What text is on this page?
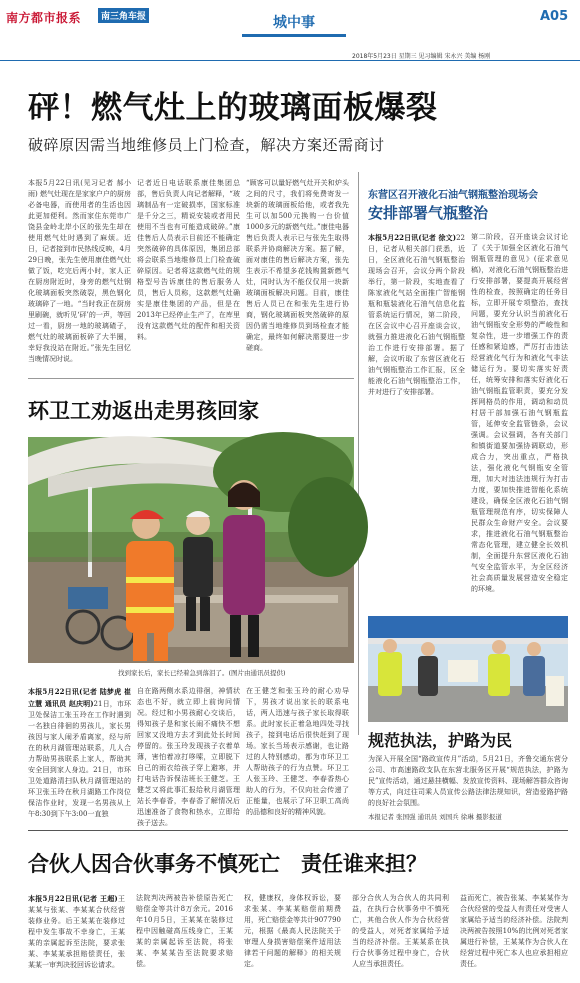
南方都市报系	南三角车报	城中事	A05
2018年5月23日 星期三 见习编辑 宋永兴 美编 杨刚
砰！燃气灶上的玻璃面板爆裂
破碎原因需当地维修员上门检查，解决方案还需商讨
本报5月22日讯(见习记者 郝小雨) 燃气灶现在是家家户户的厨房必备电器，而使用者的生活也因此更加便利。然而家住东莞市广饶县金岭北岸小区的张先生却在使用燃气灶时遇到了麻烦。近日，记者接到市民热线反映，4月29日晚，张先生使用康佳燃气灶做了饭，吃完后两小时，家人正在厨房附近时，身旁的燃气灶钢化玻璃面板突然破裂，黑色钢化玻璃碎了一地。“当时我正在厨房里刷碗，就听见‘砰’的一声，等回过一看，厨房一地的玻璃碴子，燃气灶的玻璃面板碎了大半圈，幸好我没站在附近。”张先生回忆当晚情况时说。
记者近日电话联系康佳集团总部，售后负责人向记者解释，“玻璃制品有一定破损率，国家标准是千分之三，精说安装或者用民使用不当也有可能造成破碎。”康佳售后人员表示目前还不能确定突然破碎的具体原因，集团总部将会联系当地维修员上门检查破碎原因。记者将这款燃气灶的规格型号告诉康佳的售后服务人员，售后人员称，这款燃气灶确实是康佳集团的产品，但是在2013年已经停止生产了，在库里没有这款燃气灶的配件和相关资料。
“顾客可以量好燃气灶开关和炉头之间的尺寸，我们将免费寄发一块新的玻璃面板给他，或者我先生可以加500元换购一台价值1000多元的新燃气灶。”康佳电器售后负责人表示已与张先生取得联系并协商解决方案。据了解，面对康佳的售后解决方案，张先生表示不希望多花钱购置新燃气灶，同时认为不能仅仅用一块新玻璃面板解决问题。目前，康佳售后人员已在和张先生进行协商，钢化玻璃面板突然破碎的原因仍需当地维修员到场检查才能确定，最终如何解决需要进一步磋商。
环卫工劝返出走男孩回家
找到家长后，家长已经着急到落泪了。(图片由通讯员提供)
本报5月22日讯(记者 陆梦虎 崔立慧 通讯员 赵庆明)21日，市环卫处保洁工张玉玲在工作时遇到一名独自徘徊的男孩儿，家长男孩因与家人闹矛盾离家，经与所在的秋月湖管理站联系，几人合力帮助男孩联系上家人，帮助其安全回到家人身边。21日，市环卫处道路清扫队秋月湖管理站的环卫张玉玲在秋月湖路工作岗位保洁作业时，发现一名男孩从上午8:30到下午3:00一直独
自在路两侧水系边徘徊，神情状态也不好，就立即上前询问情况。经过和小男孩耐心交谈后，得知孩子是和家长闹不痛快不想回家又没地方去才到此处长时间停留的。张玉玲发现孩子衣着单薄，害怕着凉打哆嗦，立即脱下自己的雨衣给孩子穿上避寒，并打电话告诉保洁班长王健芝。王健芝又将此事汇报给秋月湖管理站长李春香，李春香了解情况后迅速准备了食物和热水，立即给孩子送去。
在王健芝和张玉玲的耐心劝导下，男孩才说出家长的联系电话，两人迅速与孩子家长取得联系。此时家长正着急地四处寻找孩子，接到电话后很快赶到了现场。家长当场表示感谢，也让路过的人特别感动，都为市环卫工人帮助孩子的行为点赞。环卫工人张玉玲、王健芝、李春香热心助人的行为，不仅向社会传递了正能量，也展示了环卫职工高尚的品德和良好的精神风貌。
东营区召开液化石油气钢瓶整治现场会
安排部署气瓶整治
本报5月22日讯(记者 徐文)22日，记者从相关部门获悉，近日，全区液化石油气钢瓶整治现场会召开，会议分两个阶段举行，第一阶段，实地查看了陈家液化气站全面推广智能钢瓶和瓶装液化石油气信息化监管系统运行情况，第二阶段，在区会议中心召开座谈会议，就强力推进液化石油气钢瓶整治工作进行安排部署。据了解，会议听取了东营区液化石油气钢瓶整治工作汇报，区全能液化石油气钢瓶整治工作，并对进行了安排部署。
第二阶段，召开座谈会议讨论了《关于加强全区液化石油气钢瓶管理的意见》(征求意见稿)，对液化石油气钢瓶整治进行安排部署，要提高开展经营性的检查，按照确定的任务目标，立即开展专项整治，查找问题，要充分认识当前液化石油气钢瓶安全形势的严峻性和复杂性，进一步增强工作的责任感和紧迫感，严厉打击违法经营液化气行为和液化气非法储运行为。要切实落实好责任，统筹安排和落实好液化石油气钢瓶监管职责，要充分发挥网格员的作用，调动和动员村居干部加强石油气钢瓶监管，延伸安全监管链条，会议强调。会议强调，各有关部门和镇街道要加强协调联动，形成合力，突出重点，严格执法，强化液化气钢瓶安全管理，加大对违法违规行为打击力度，要加快推进智能化系统建设，确保全区液化石油气钢瓶管理规范有序，切实保障人民群众生命财产安全。会议要求，推进液化石油气钢瓶整治常态化管理，建立健全长效机制，全面提升东营区液化石油气安全监管水平，为全区经济社会高质量发展营造安全稳定的环境。
规范执法，护路为民
为深入开展全国“路政宣传月”活动，5月21日，齐鲁交通东营分公司、市高速路政支队在东营北服务区开展“规范执法，护路为民”宣传活动，通过悬挂横幅、发放宣传资料、现场解答群众咨询等方式，向过往司乘人员宣传公路法律法规知识，营造爱路护路的良好社会氛围。
本报记者 张国强 通讯员 刘国兵 徐琳 摄影报道
合伙人因合伙事务不慎死亡　责任谁来担？
本报5月22日讯(记者 王超)王某某与张某、李某某合伙经营装修业务。后王某某在装修过程中发生事故不幸身亡，王某某的亲属起诉至法院，要求张某、李某某承担赔偿责任，张某某一审判决驳回诉讼请求。
法院判决两被告补偿原告死亡赔偿金等共计8万余元。2016年10月5日，王某某在装修过程中因触碰高压线身亡，王某某的亲属起诉至法院，将张某、李某某告至法院要求赔偿。
权，健康权，身体权诉讼，要求张某、李某某赔偿前期费用，死亡赔偿金等共计907790元，根据《最高人民法院关于审理人身损害赔偿案件适用法律若干问题的解释》的相关规定。
部分合伙人为合伙人的共同利益，在执行合伙事务中不慎死亡，其他合伙人作为合伙经营的受益人，对死者家属给予适当的经济补偿。王某某系在执行合伙事务过程中身亡，合伙人应当承担责任。
益而死亡，被告张某、李某某作为合伙经营的受益人有责任对受害人家属给予适当的经济补偿。法院判决两被告按照10%的比例对死者家属进行补偿，王某某作为合伙人在经营过程中死亡本人也应承担相应责任。
